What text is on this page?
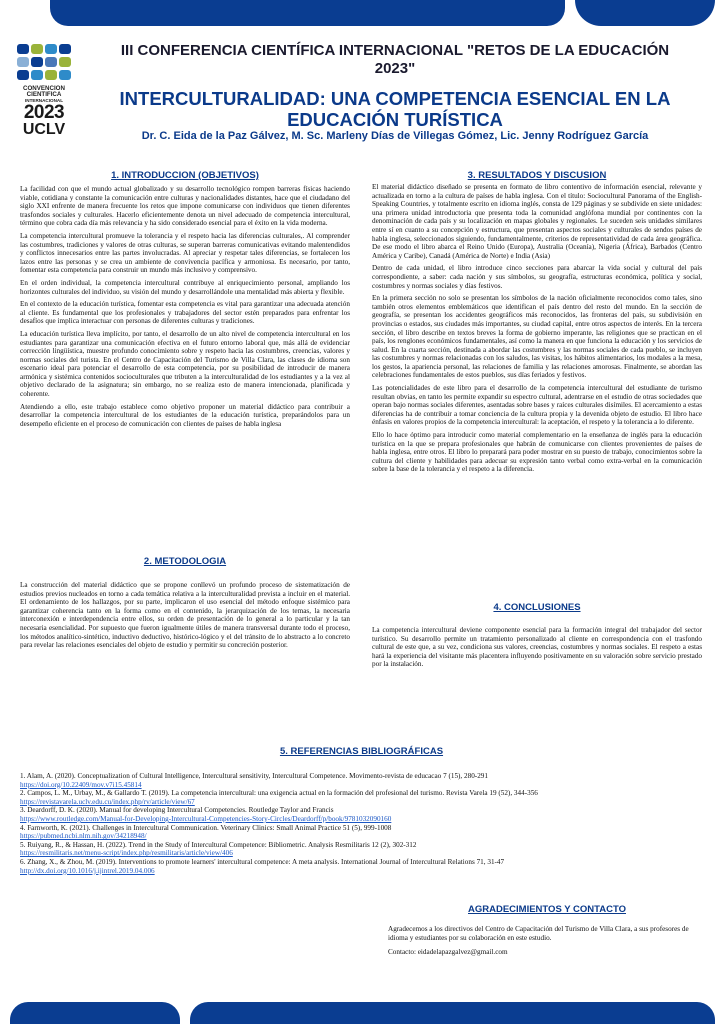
CONVENCION
CIENTIFICA
INTERNACIONAL
2023
UCLV
III CONFERENCIA CIENTÍFICA INTERNACIONAL "RETOS DE LA EDUCACIÓN 2023"
INTERCULTURALIDAD: UNA COMPETENCIA ESENCIAL EN LA EDUCACIÓN TURÍSTICA
Dr. C. Eida de la Paz Gálvez, M. Sc. Marleny Días de Villegas Gómez, Lic. Jenny Rodríguez García
1. INTRODUCCION (OBJETIVOS)

La facilidad con que el mundo actual globalizado y su desarrollo tecnológico rompen barreras físicas haciendo viable, cotidiana y constante la comunicación entre culturas y nacionalidades distantes, hace que el ciudadano del siglo XXI enfrente de manera frecuente los retos que impone comunicarse con individuos que tienen diferentes trasfondos sociales y culturales. Hacerlo eficientemente denota un nivel adecuado de competencia intercultural, término que cobra cada día más relevancia y ha sido considerado esencial para el éxito en la vida moderna.

La competencia intercultural promueve la tolerancia y el respeto hacia las diferencias culturales,. Al comprender las costumbres, tradiciones y valores de otras culturas, se superan barreras comunicativas evitando malentendidos y conflictos innecesarios entre las partes involucradas. Al apreciar y respetar tales diferencias, se fortalecen los lazos entre las personas y se crea un ambiente de convivencia pacífica y armoniosa. Es necesario, por tanto, fomentar esta competencia para construir un mundo más inclusivo y comprensivo.

En el orden individual, la competencia intercultural contribuye al enriquecimiento personal, ampliando los horizontes culturales del individuo, su visión del mundo y desarrollándole una mentalidad más abierta y flexible.

En el contexto de la educación turística, fomentar esta competencia es vital para garantizar una adecuada atención al cliente. Es fundamental que los profesionales y trabajadores del sector estén preparados para enfrentar los desafíos que implica interactuar con personas de diferentes culturas y tradiciones.

La educación turística lleva implícito, por tanto, el desarrollo de un alto nivel de competencia intercultural en los estudiantes para garantizar una comunicación efectiva en el futuro entorno laboral que, más allá de evidenciar corrección lingüística, muestre profundo conocimiento sobre y respeto hacia las costumbres, creencias, valores y normas sociales del turista. En el Centro de Capacitación del Turismo de Villa Clara, las clases de idioma son escenario ideal para potenciar el desarrollo de esta competencia, por su posibilidad de introducir de manera armónica y sistémica contenidos socioculturales que tributen a la interculturalidad de los estudiantes y a la vez al objetivo declarado de la asignatura; sin embargo, no se realiza esto de manera intencionada, planificada y coherente.

Atendiendo a ello, este trabajo establece como objetivo proponer un material didáctico para contribuir a desarrollar la competencia intercultural de los estudiantes de la educación turística, preparándolos para un desempeño eficiente en el proceso de comunicación con clientes de países de habla inglesa

2. METODOLOGIA

La construcción del material didáctico que se propone conllevó un profundo proceso de sistematización de estudios previos nucleados en torno a cada temática relativa a la interculturalidad prevista a incluir en el material. El ordenamiento de los hallazgos, por su parte, implicaron el uso esencial del método enfoque sistémico para garantizar coherencia tanto en la forma como en el contenido, la jerarquización de los temas, la necesaria interconexión e interdependencia entre ellos, su orden de presentación de lo general a lo particular y la tan necesaria esencialidad. Por supuesto que fueron igualmente útiles de manera transversal durante todo el proceso, los métodos analítico-sintético, inductivo deductivo, histórico-lógico y el del tránsito de lo abstracto a lo concreto para revelar las relaciones esenciales del objeto de estudio y permitir su concreción posterior.

3. RESULTADOS Y DISCUSION

El material didáctico diseñado se presenta en formato de libro contentivo de información esencial, relevante y actualizada en torno a la cultura de países de habla inglesa. Con el título: Sociocultural Panorama of the English-Speaking Countries, y totalmente escrito en idioma inglés, consta de 129 páginas y se subdivide en siete unidades: una primera unidad introductoria que presenta toda la comunidad anglófona mundial por continentes con la denominación de cada país y su localización en mapas globales y regionales. Le suceden seis unidades similares entre sí en cuanto a su concepción y estructura, que presentan aspectos sociales y culturales de sendos países de habla inglesa, seleccionados siguiendo, fundamentalmente, criterios de representatividad de cada área geográfica. De ese modo el libro abarca el Reino Unido (Europa), Australia (Oceanía), Nigeria (África), Barbados (Centro América y Caribe), Canadá (América de Norte) e India (Asia)

Dentro de cada unidad, el libro introduce cinco secciones para abarcar la vida social y cultural del país correspondiente, a saber: cada nación y sus símbolos, su geografía, estructuras económica, política y social, costumbres y normas sociales y días festivos.

En la primera sección no solo se presentan los símbolos de la nación oficialmente reconocidos como tales, sino también otros elementos emblemáticos que identifican el país dentro del resto del mundo. En la sección de geografía, se presentan los accidentes geográficos más reconocidos, las fronteras del país, su subdivisión en provincias o estados, sus ciudades más importantes, su ciudad capital, entre otros aspectos de interés. En la tercera sección, el libro describe en textos breves la forma de gobierno imperante, las religiones que se practican en el país, los renglones económicos fundamentales, así como la manera en que funciona la educación y los servicios de salud. En la cuarta sección, destinada a abordar las costumbres y las normas sociales de cada pueblo, se incluyen las costumbres y normas relacionadas con los saludos, las visitas, los hábitos alimentarios, los modales a la mesa, los gestos, la apariencia personal, las relaciones de familia y las relaciones amorosas. Finalmente, se abordan las celebraciones fundamentales de estos pueblos, sus días feriados y festivos.

Las potencialidades de este libro para el desarrollo de la competencia intercultural del estudiante de turismo resultan obvias, en tanto les permite expandir su espectro cultural, adentrarse en el estudio de otras sociedades que operan bajo normas sociales diferentes, asentadas sobre bases y raíces culturales disímiles. El acercamiento a estas diferencias ha de contribuir a tomar conciencia de la cultura propia y la devenida objeto de estudio. El libro hace énfasis en valores propios de la competencia intercultural: la aceptación, el respeto y la tolerancia a lo diferente.

Ello lo hace óptimo para introducir como material complementario en la enseñanza de inglés para la educación turística en la que se prepara profesionales que habrán de comunicarse con clientes provenientes de países de habla inglesa, entre otros. El libro lo preparará para poder mostrar en su puesto de trabajo, conocimientos sobre la cultura del cliente y habilidades para adecuar su expresión tanto verbal como extra-verbal en la comunicación sobre la base de la tolerancia y el respeto a la diferencia.

4. CONCLUSIONES

La competencia intercultural deviene componente esencial para la formación integral del trabajador del sector turístico. Su desarrollo permite un tratamiento personalizado al cliente en correspondencia con el trasfondo cultural de este que, a su vez, condiciona sus valores, creencias, costumbres y normas sociales. El respeto a estas hará la experiencia del visitante más placentera influyendo positivamente en su valoración sobre servicio prestado por la instalación.

5. REFERENCIAS BIBLIOGRÁFICAS
1. Alam, A. (2020). Conceptualization of Cultural Intelligence, Intercultural sensitivity, Intercultural Competence. Movimento-revista de educacao 7 (15), 280-291
https://doi.org/10.22409/mov.v7i15.45814
2. Campos, L. M., Urbay, M., & Gallardo T. (2019). La competencia intercultural: una exigencia actual en la formación del profesional del turismo. Revista Varela 19 (52), 344-356
https://revistavarela.uclv.edu.cu/index.php/rv/article/view/67
3. Deardorff, D. K. (2020). Manual for developing Intercultural Competencies. Routledge Taylor and Francis
https://www.routledge.com/Manual-for-Developing-Intercultural-Competencies-Story-Circles/Deardorff/p/book/9781032090160
4. Farnworth, K. (2021). Challenges in Intercultural Communication. Veterinary Clinics: Small Animal Practice 51 (5), 999-1008
https://pubmed.ncbi.nlm.nih.gov/34218948/
5. Ruiyang, R., & Hassan, H. (2022). Trend in the Study of Intercultural Competence: Bibliometric. Analysis Resmilitaris 12 (2), 302-312
https://resmilitaris.net/menu-script/index.php/resmilitaris/article/view/406
6. Zhang, X., & Zhou, M. (2019). Interventions to promote learners' intercultural competence: A meta analysis. International Journal of Intercultural Relations 71, 31-47
http://dx.doi.org/10.1016/j.ijintrel.2019.04.006
AGRADECIMIENTOS Y CONTACTO

Agradecemos a los directivos del Centro de Capacitación del Turismo de Villa Clara, a sus profesores de idioma y estudiantes por su colaboración en este estudio.

Contacto: eidadelapazgalvez@gmail.com
